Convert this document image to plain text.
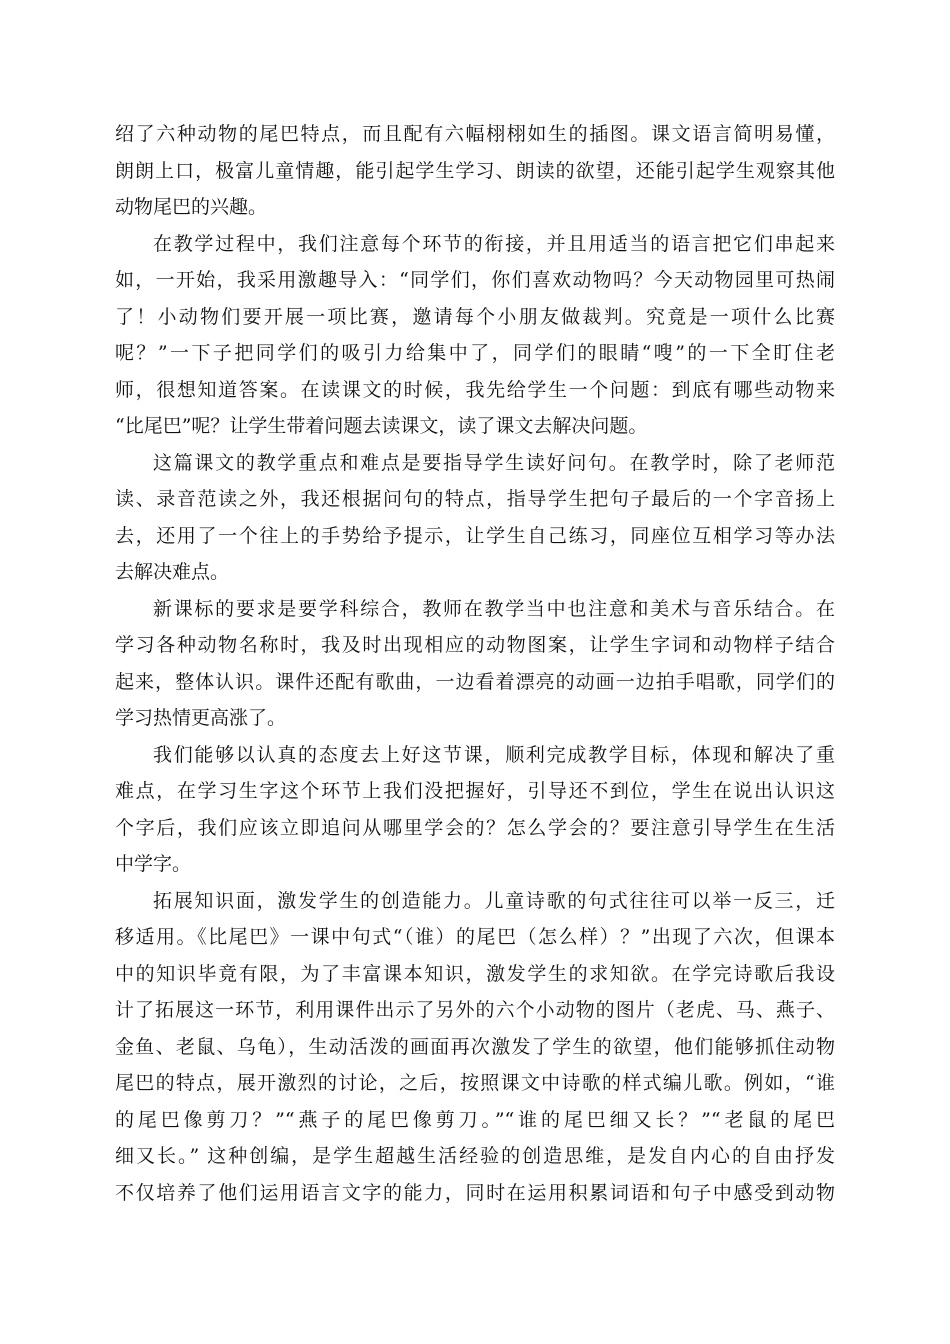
绍了六种动物的尾巴特点，而且配有六幅栩栩如生的插图。课文语言简明易懂，
朗朗上口，极富儿童情趣，能引起学生学习、朗读的欲望，还能引起学生观察其他
动物尾巴的兴趣。
在教学过程中，我们注意每个环节的衔接，并且用适当的语言把它们串起来
如，一开始，我采用激趣导入：“同学们，你们喜欢动物吗？今天动物园里可热闹
了！小动物们要开展一项比赛，邀请每个小朋友做裁判。究竟是一项什么比赛
呢？”一下子把同学们的吸引力给集中了，同学们的眼睛“嗖”的一下全盯住老
师，很想知道答案。在读课文的时候，我先给学生一个问题：到底有哪些动物来
“比尾巴”呢？让学生带着问题去读课文，读了课文去解决问题。
这篇课文的教学重点和难点是要指导学生读好问句。在教学时，除了老师范
读、录音范读之外，我还根据问句的特点，指导学生把句子最后的一个字音扬上
去，还用了一个往上的手势给予提示，让学生自己练习，同座位互相学习等办法
去解决难点。
新课标的要求是要学科综合，教师在教学当中也注意和美术与音乐结合。在
学习各种动物名称时，我及时出现相应的动物图案，让学生字词和动物样子结合
起来，整体认识。课件还配有歌曲，一边看着漂亮的动画一边拍手唱歌，同学们的
学习热情更高涨了。
我们能够以认真的态度去上好这节课，顺利完成教学目标，体现和解决了重
难点，在学习生字这个环节上我们没把握好，引导还不到位，学生在说出认识这
个字后，我们应该立即追问从哪里学会的？怎么学会的？要注意引导学生在生活
中学字。
拓展知识面，激发学生的创造能力。儿童诗歌的句式往往可以举一反三，迁
移适用。《比尾巴》一课中句式“（谁）的尾巴（怎么样）？”出现了六次，但课本
中的知识毕竟有限，为了丰富课本知识，激发学生的求知欲。在学完诗歌后我设
计了拓展这一环节，利用课件出示了另外的六个小动物的图片（老虎、马、燕子、
金鱼、老鼠、乌龟），生动活泼的画面再次激发了学生的欲望，他们能够抓住动物
尾巴的特点，展开激烈的讨论，之后，按照课文中诗歌的样式编儿歌。例如，“谁
的尾巴像剪刀？”“燕子的尾巴像剪刀。”“谁的尾巴细又长？”“老鼠的尾巴
细又长。” 这种创编，是学生超越生活经验的创造思维，是发自内心的自由抒发
不仅培养了他们运用语言文字的能力，同时在运用积累词语和句子中感受到动物
